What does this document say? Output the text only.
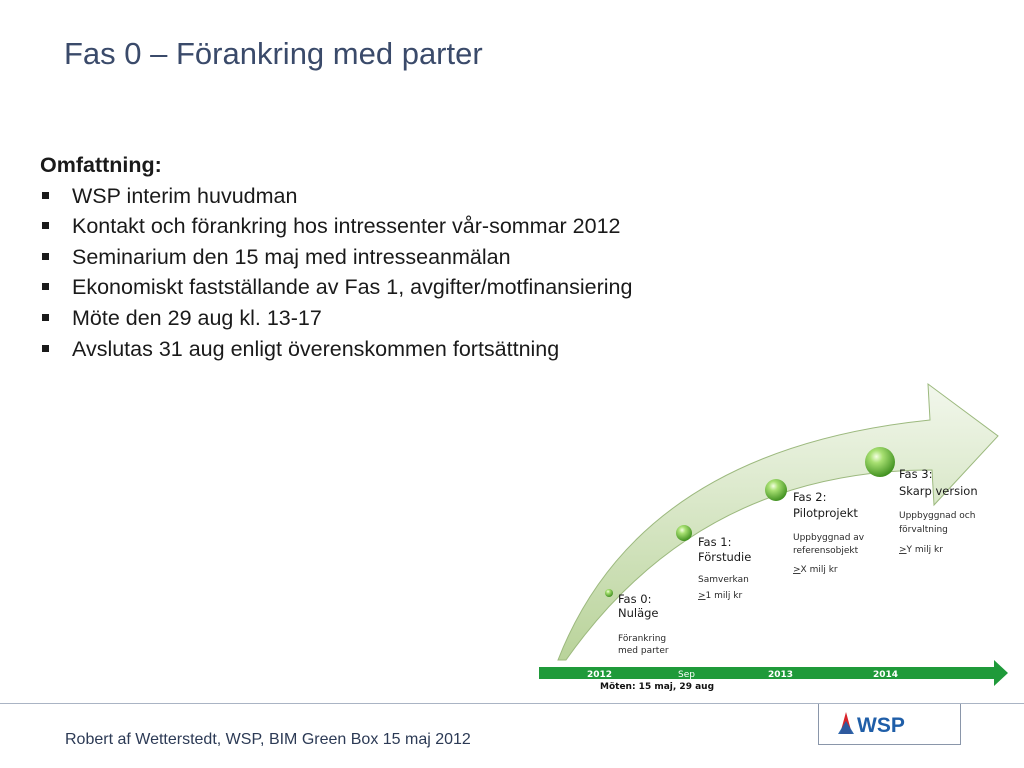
Fas 0 – Förankring med parter
Omfattning:
WSP interim huvudman
Kontakt och förankring hos intressenter vår-sommar 2012
Seminarium den 15 maj med intresseanmälan
Ekonomiskt fastställande av Fas 1, avgifter/motfinansiering
Möte den 29 aug kl. 13-17
Avslutas 31 aug enligt överenskommen fortsättning
Fas 0:
Nuläge
Förankring
med parter
Fas 1:
Förstudie
Samverkan
>1 milj kr
Fas 2:
Pilotprojekt
Uppbyggnad av
referensobjekt
>X milj kr
Fas 3:
Skarp version
Uppbyggnad och
förvaltning
>Y milj kr
2012	Sep	2013	2014
Möten: 15 maj, 29 aug
Robert af Wetterstedt, WSP, BIM Green Box 15 maj 2012
WSP
